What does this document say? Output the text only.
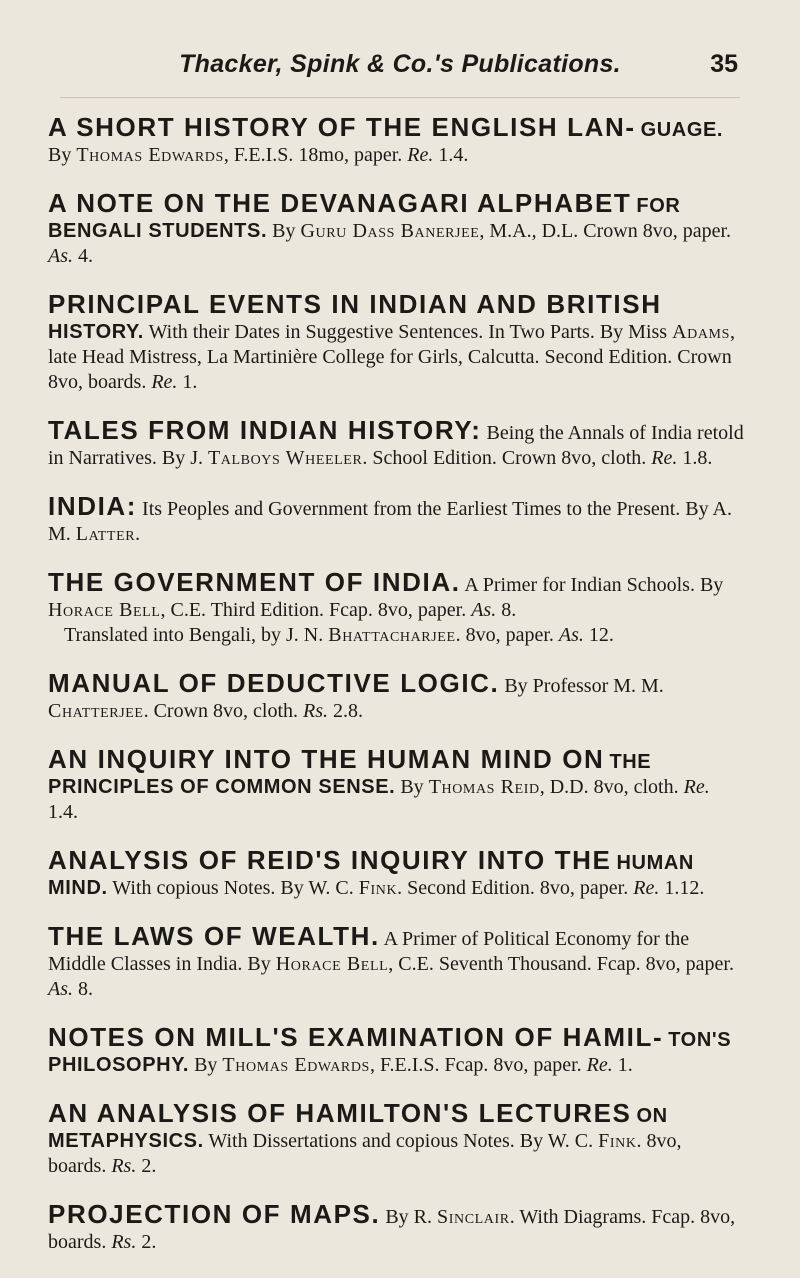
Thacker, Spink & Co.'s Publications.	35

A SHORT HISTORY OF THE ENGLISH LAN- GUAGE. By Thomas Edwards, F.E.I.S. 18mo, paper. Re. 1.4.

A NOTE ON THE DEVANAGARI ALPHABET FOR BENGALI STUDENTS. By Guru Dass Banerjee, M.A., D.L. Crown 8vo, paper. As. 4.

PRINCIPAL EVENTS IN INDIAN AND BRITISH HISTORY. With their Dates in Suggestive Sentences. In Two Parts. By Miss Adams, late Head Mistress, La Martinière College for Girls, Calcutta. Second Edition. Crown 8vo, boards. Re. 1.

TALES FROM INDIAN HISTORY: Being the Annals of India retold in Narratives. By J. Talboys Wheeler. School Edition. Crown 8vo, cloth. Re. 1.8.

INDIA: Its Peoples and Government from the Earliest Times to the Present. By A. M. Latter.

THE GOVERNMENT OF INDIA. A Primer for Indian Schools. By Horace Bell, C.E. Third Edition. Fcap. 8vo, paper. As. 8.
Translated into Bengali, by J. N. Bhattacharjee. 8vo, paper. As. 12.

MANUAL OF DEDUCTIVE LOGIC. By Professor M. M. Chatterjee. Crown 8vo, cloth. Rs. 2.8.

AN INQUIRY INTO THE HUMAN MIND ON THE PRINCIPLES OF COMMON SENSE. By Thomas Reid, D.D. 8vo, cloth. Re. 1.4.

ANALYSIS OF REID'S INQUIRY INTO THE HUMAN MIND. With copious Notes. By W. C. Fink. Second Edition. 8vo, paper. Re. 1.12.

THE LAWS OF WEALTH. A Primer of Political Economy for the Middle Classes in India. By Horace Bell, C.E. Seventh Thousand. Fcap. 8vo, paper. As. 8.

NOTES ON MILL'S EXAMINATION OF HAMIL- TON'S PHILOSOPHY. By Thomas Edwards, F.E.I.S. Fcap. 8vo, paper. Re. 1.

AN ANALYSIS OF HAMILTON'S LECTURES ON METAPHYSICS. With Dissertations and copious Notes. By W. C. Fink. 8vo, boards. Rs. 2.

PROJECTION OF MAPS. By R. Sinclair. With Diagrams. Fcap. 8vo, boards. Rs. 2.
